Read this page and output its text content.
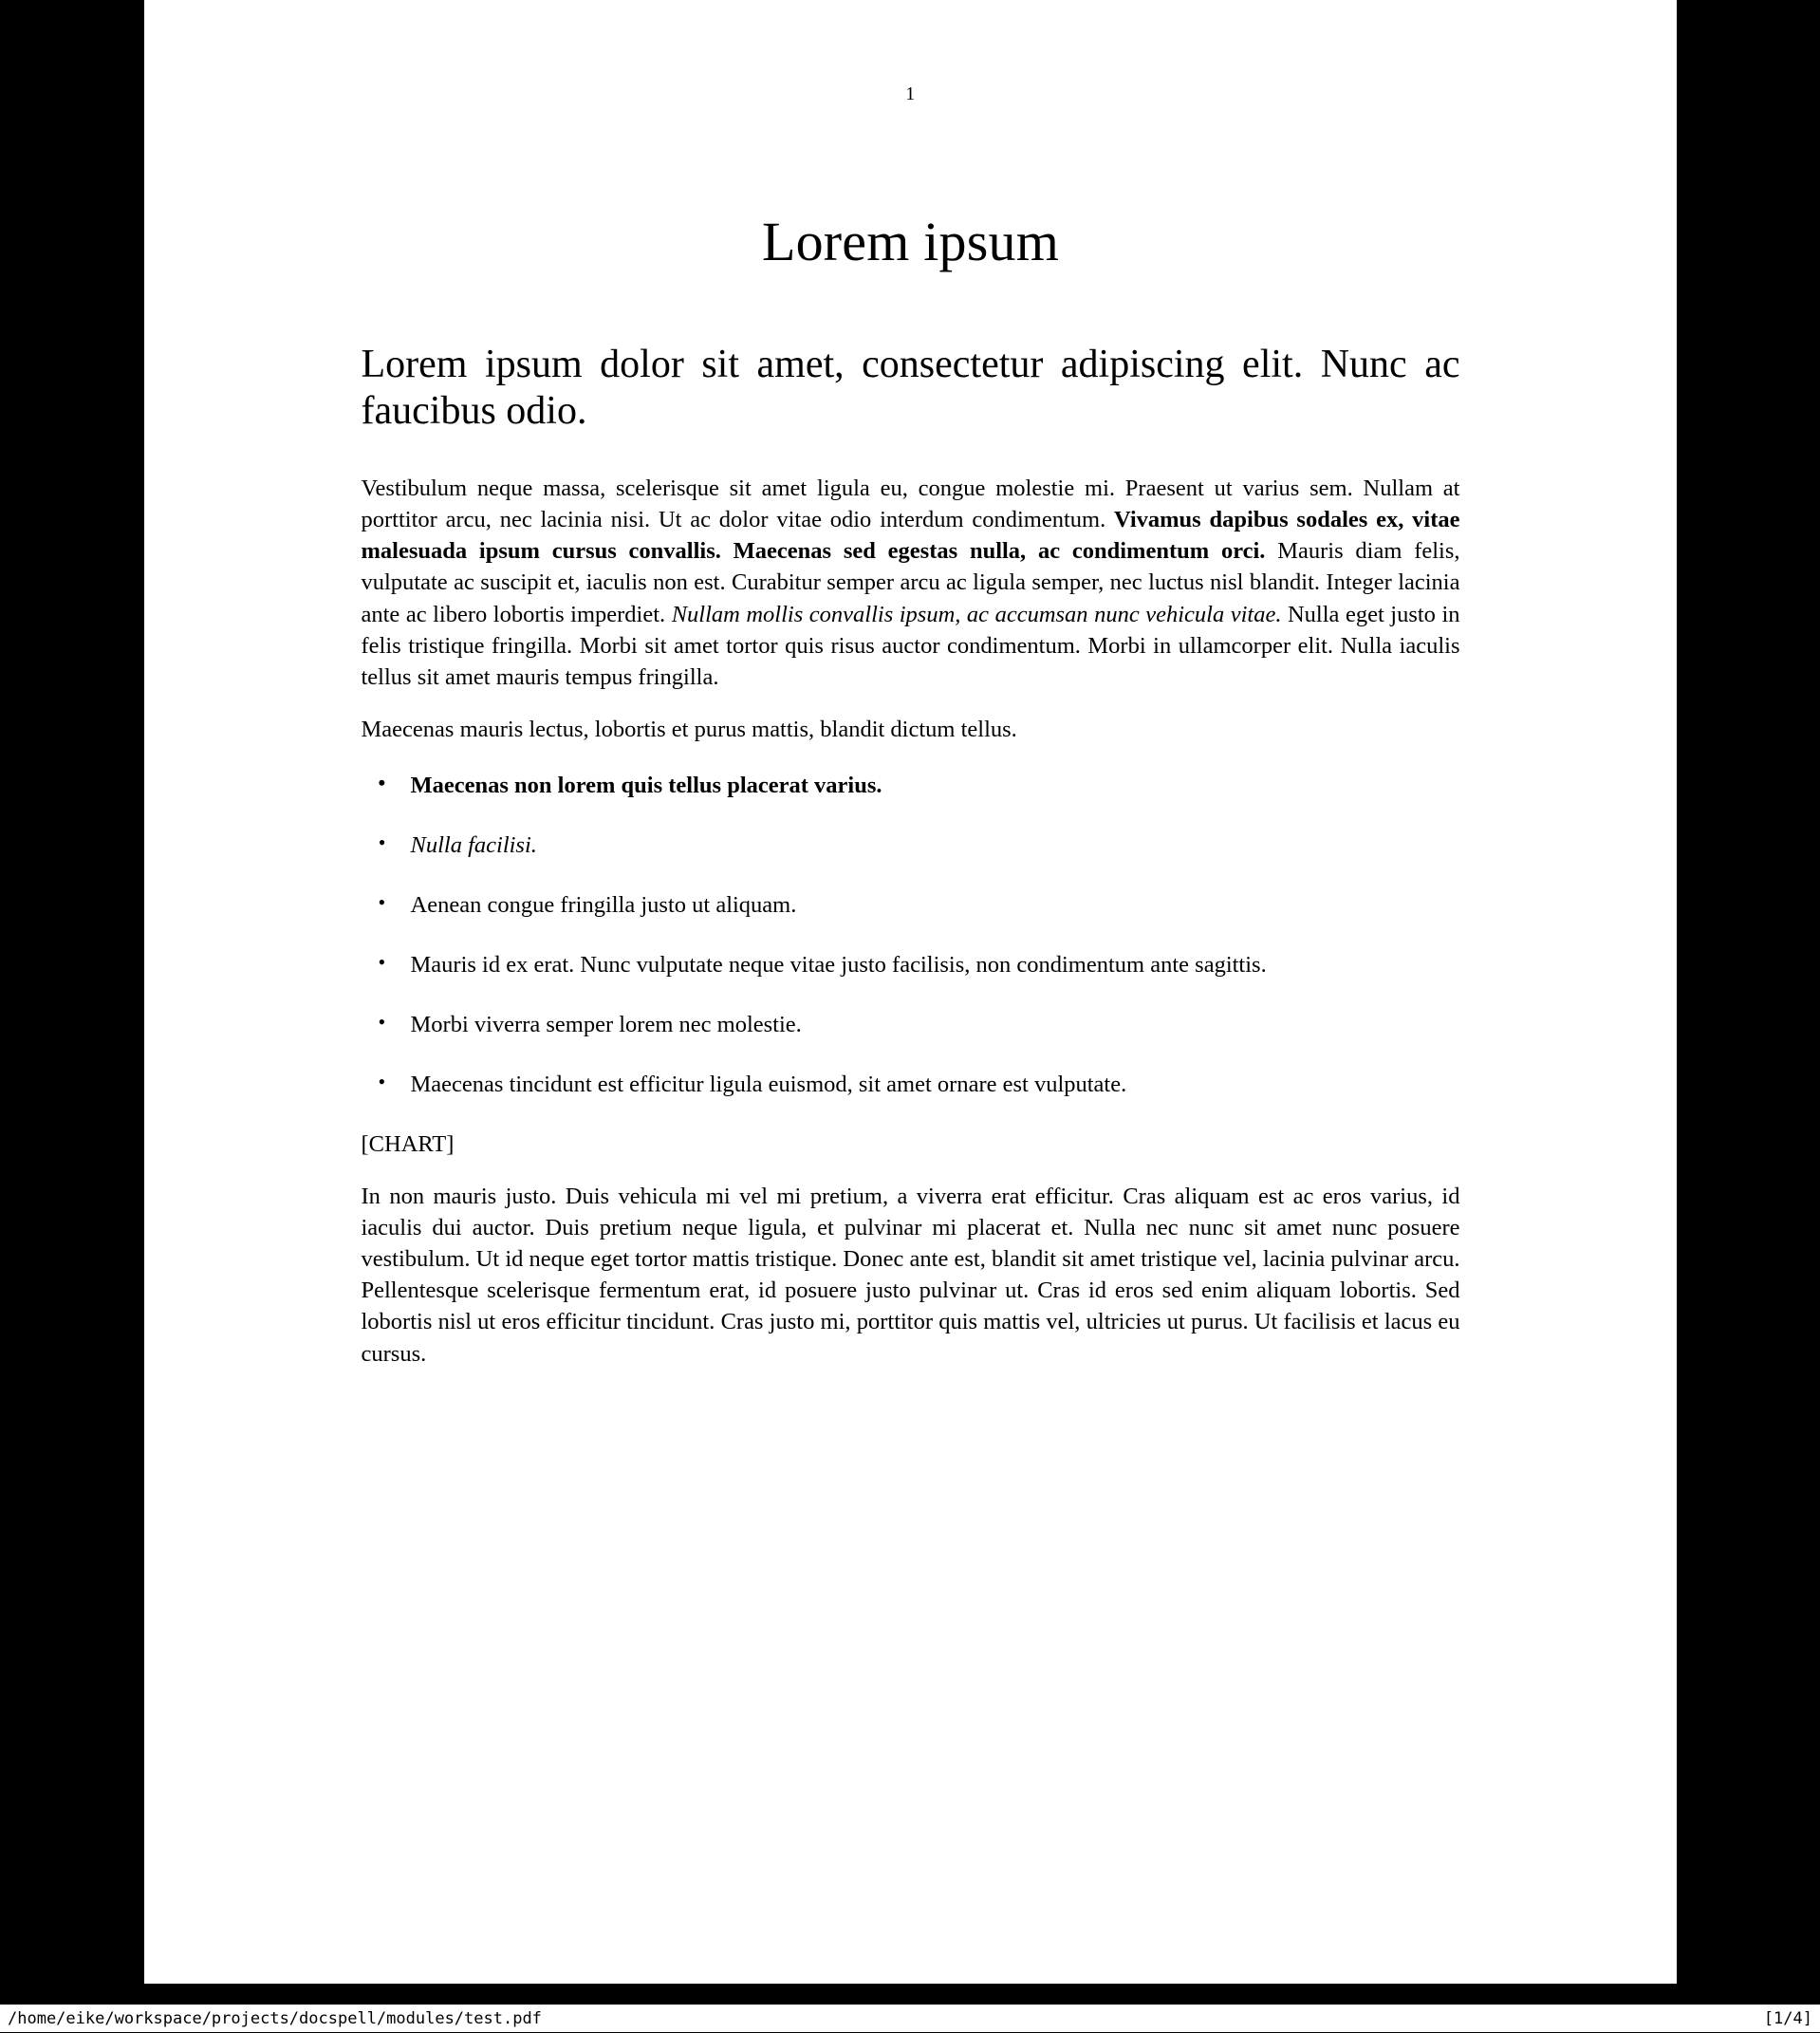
1
Lorem ipsum
Lorem ipsum dolor sit amet, consectetur adipiscing elit. Nunc ac faucibus odio.

Vestibulum neque massa, scelerisque sit amet ligula eu, congue molestie mi. Praesent ut varius sem. Nullam at porttitor arcu, nec lacinia nisi. Ut ac dolor vitae odio interdum condimentum. Vivamus dapibus sodales ex, vitae malesuada ipsum cursus convallis. Maecenas sed egestas nulla, ac condimentum orci. Mauris diam felis, vulputate ac suscipit et, iaculis non est. Curabitur semper arcu ac ligula semper, nec luctus nisl blandit. Integer lacinia ante ac libero lobortis imperdiet. Nullam mollis convallis ipsum, ac accumsan nunc vehicula vitae. Nulla eget justo in felis tristique fringilla. Morbi sit amet tortor quis risus auctor condimentum. Morbi in ullamcorper elit. Nulla iaculis tellus sit amet mauris tempus fringilla.

Maecenas mauris lectus, lobortis et purus mattis, blandit dictum tellus.

• Maecenas non lorem quis tellus placerat varius.
• Nulla facilisi.
• Aenean congue fringilla justo ut aliquam.
• Mauris id ex erat. Nunc vulputate neque vitae justo facilisis, non condimentum ante sagittis.
• Morbi viverra semper lorem nec molestie.
• Maecenas tincidunt est efficitur ligula euismod, sit amet ornare est vulputate.
[CHART]

In non mauris justo. Duis vehicula mi vel mi pretium, a viverra erat efficitur. Cras aliquam est ac eros varius, id iaculis dui auctor. Duis pretium neque ligula, et pulvinar mi placerat et. Nulla nec nunc sit amet nunc posuere vestibulum. Ut id neque eget tortor mattis tristique. Donec ante est, blandit sit amet tristique vel, lacinia pulvinar arcu. Pellentesque scelerisque fermentum erat, id posuere justo pulvinar ut. Cras id eros sed enim aliquam lobortis. Sed lobortis nisl ut eros efficitur tincidunt. Cras justo mi, porttitor quis mattis vel, ultricies ut purus. Ut facilisis et lacus eu cursus.

/home/eike/workspace/projects/docspell/modules/test.pdf	[1/4]
